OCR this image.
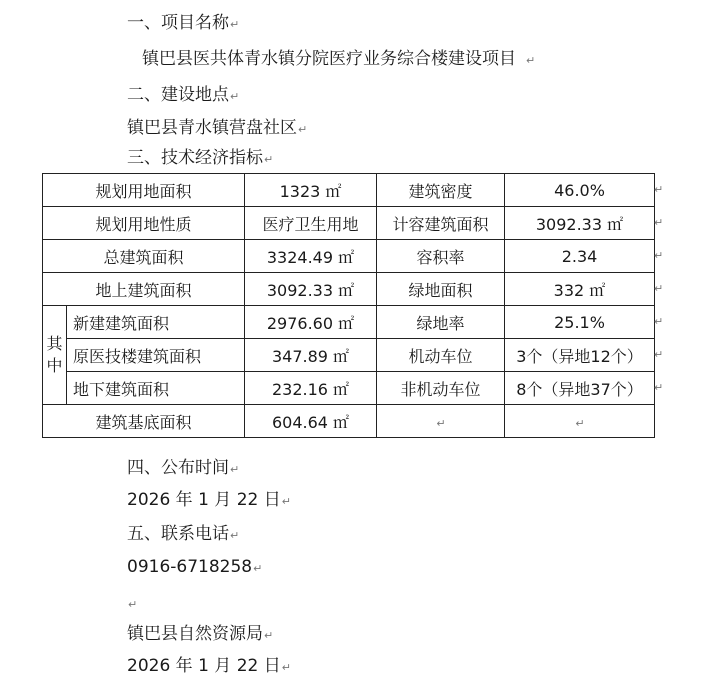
一、项目名称↵
镇巴县医共体青水镇分院医疗业务综合楼建设项目 ↵
二、建设地点↵
镇巴县青水镇营盘社区↵
三、技术经济指标↵
规划用地面积		1323 ㎡	建筑密度	46.0%
规划用地性质		医疗卫生用地	计容建筑面积	3092.33 ㎡
总建筑面积		3324.49 ㎡	容积率	2.34
地上建筑面积		3092.33 ㎡	绿地面积	332 ㎡
其中	新建建筑面积	2976.60 ㎡	绿地率	25.1%
	原医技楼建筑面积	347.89 ㎡	机动车位	3个（异地12个）
	地下建筑面积	232.16 ㎡	非机动车位	8个（异地37个）
建筑基底面积		604.64 ㎡	↵	↵
↵
↵
↵
↵
↵
↵
↵
四、公布时间↵
2026 年 1 月 22 日↵
五、联系电话↵
0916-6718258↵
↵
镇巴县自然资源局↵
2026 年 1 月 22 日↵
